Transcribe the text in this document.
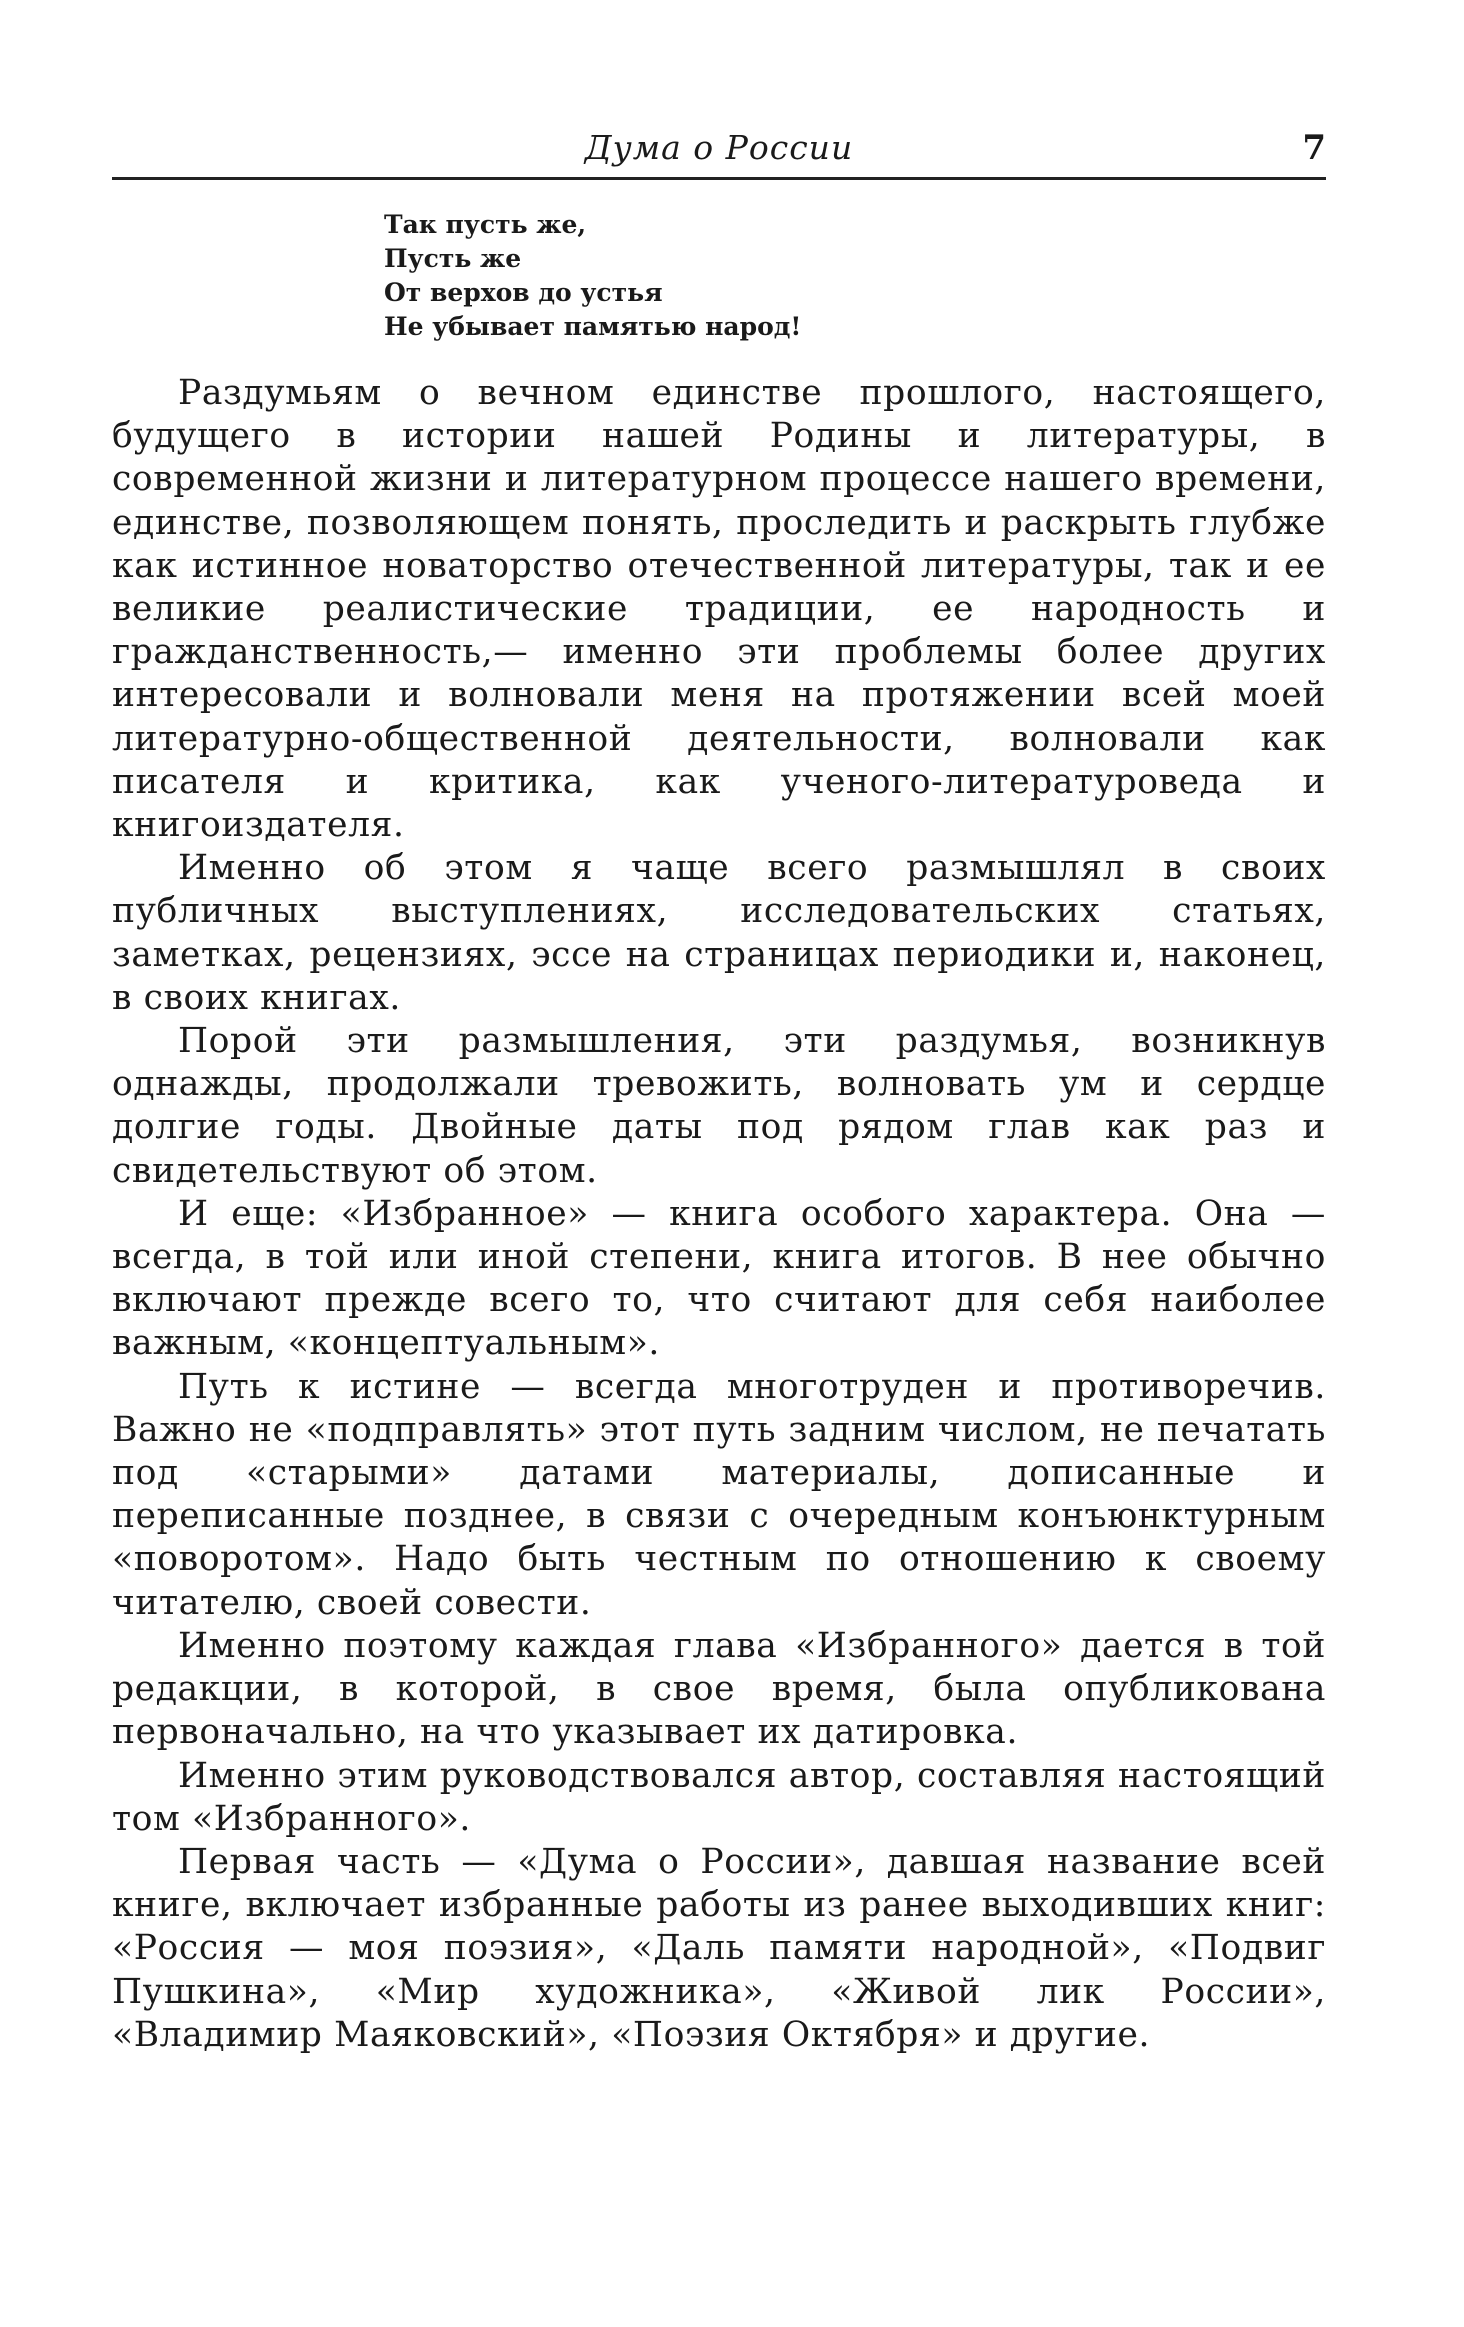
Дума о России	7
Так пусть же,
Пусть же
От верхов до устья
Не убывает памятью народ!

Раздумьям о вечном единстве прошлого, настоящего, будущего в истории нашей Родины и литературы, в современной жизни и литературном процессе нашего времени, единстве, позволяющем понять, проследить и раскрыть глубже как истинное новаторство отечественной литературы, так и ее великие реалистические традиции, ее народность и гражданственность,— именно эти проблемы более других интересовали и волновали меня на протяжении всей моей литературно-общественной деятельности, волновали как писателя и критика, как ученого-литературоведа и книгоиздателя.

Именно об этом я чаще всего размышлял в своих публичных выступлениях, исследовательских статьях, заметках, рецензиях, эссе на страницах периодики и, наконец, в своих книгах.

Порой эти размышления, эти раздумья, возникнув однажды, продолжали тревожить, волновать ум и сердце долгие годы. Двойные даты под рядом глав как раз и свидетельствуют об этом.

И еще: «Избранное» — книга особого характера. Она — всегда, в той или иной степени, книга итогов. В нее обычно включают прежде всего то, что считают для себя наиболее важным, «концептуальным».

Путь к истине — всегда многотруден и противоречив. Важно не «подправлять» этот путь задним числом, не печатать под «старыми» датами материалы, дописанные и переписанные позднее, в связи с очередным конъюнктурным «поворотом». Надо быть честным по отношению к своему читателю, своей совести.

Именно поэтому каждая глава «Избранного» дается в той редакции, в которой, в свое время, была опубликована первоначально, на что указывает их датировка.

Именно этим руководствовался автор, составляя настоящий том «Избранного».

Первая часть — «Дума о России», давшая название всей книге, включает избранные работы из ранее выходивших книг: «Россия — моя поэзия», «Даль памяти народной», «Подвиг Пушкина», «Мир художника», «Живой лик России», «Владимир Маяковский», «Поэзия Октября» и другие.
